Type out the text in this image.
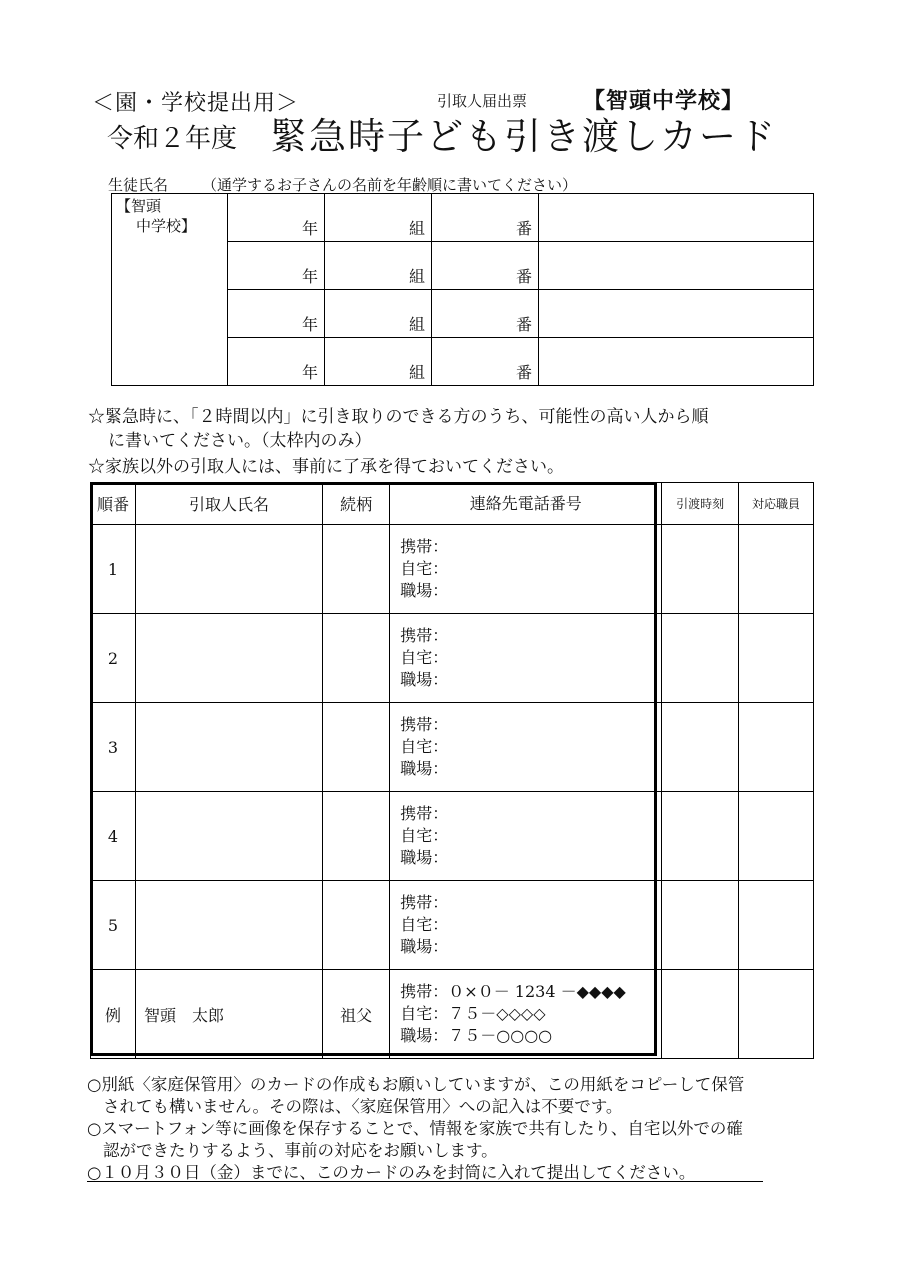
＜園・学校提出用＞	引取人届出票	【智頭中学校】
令和２年度 緊急時子ども引き渡しカード
生徒氏名 （通学するお子さんの名前を年齢順に書いてください）
【智頭
中学校】	年	組	番	
	年	組	番	
	年	組	番	
	年	組	番	
☆緊急時に、「２時間以内」に引き取りのできる方のうち、可能性の高い人から順
に書いてください。（太枠内のみ）
☆家族以外の引取人には、事前に了承を得ておいてください。
順番	引取人氏名	続柄	連絡先電話番号	引渡時刻	対応職員
1			携帯：
自宅：
職場：		

2			携帯：
自宅：
職場：		

3			携帯：
自宅：
職場：		

4			携帯：
自宅：
職場：		

5			携帯：
自宅：
職場：		

例	智頭　太郎	祖父	携帯：０×０－ 1234 －◆◆◆◆
自宅：７５－◇◇◇◇
職場：７５－○○○○		

○別紙〈家庭保管用〉のカードの作成もお願いしていますが、この用紙をコピーして保管
されても構いません。その際は、〈家庭保管用〉への記入は不要です。
○スマートフォン等に画像を保存することで、情報を家族で共有したり、自宅以外での確
認ができたりするよう、事前の対応をお願いします。
○１０月３０日（金）までに、このカードのみを封筒に入れて提出してください。
